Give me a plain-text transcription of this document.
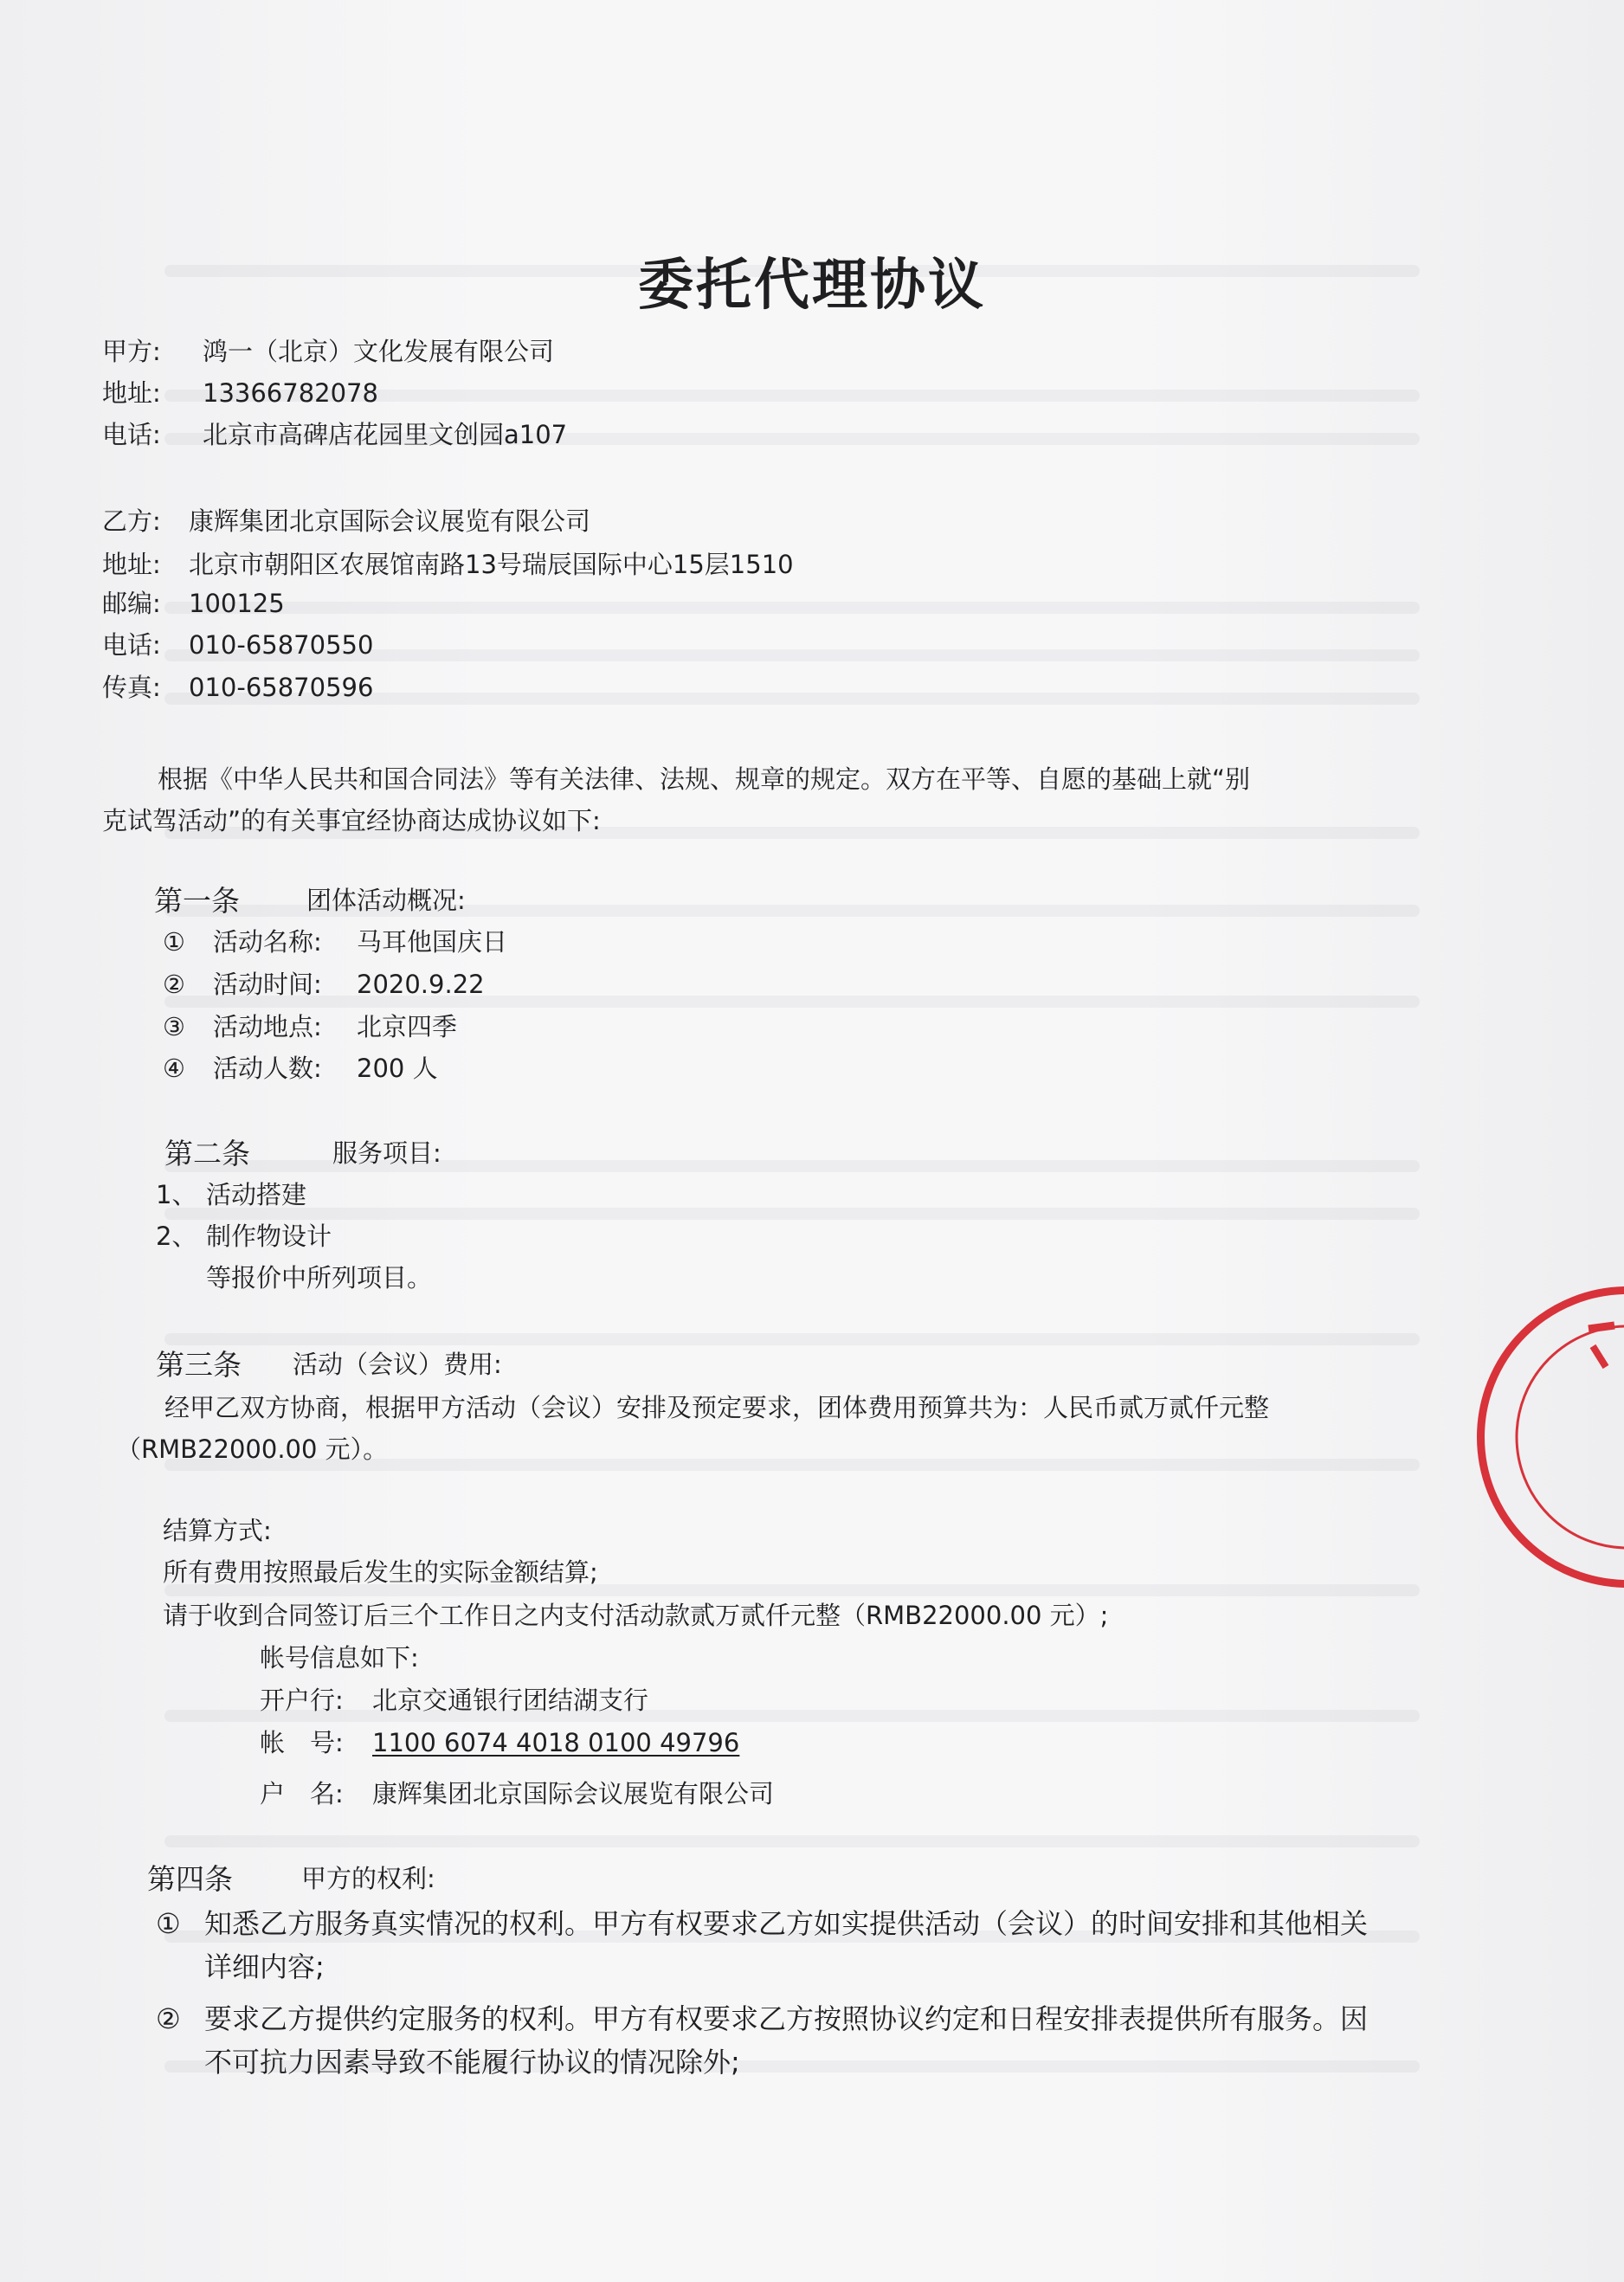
委托代理协议
甲方: 鸿一（北京）文化发展有限公司
地址: 13366782078
电话: 北京市高碑店花园里文创园a107
乙方: 康辉集团北京国际会议展览有限公司
地址: 北京市朝阳区农展馆南路13号瑞辰国际中心15层1510
邮编: 100125
电话: 010-65870550
传真: 010-65870596
根据《中华人民共和国合同法》等有关法律、法规、规章的规定。双方在平等、自愿的基础上就“别
克试驾活动”的有关事宜经协商达成协议如下:
第一条	团体活动概况:
① 活动名称: 马耳他国庆日
② 活动时间: 2020.9.22
③ 活动地点: 北京四季
④ 活动人数: 200 人
第二条	服务项目:
1、 活动搭建
2、 制作物设计
等报价中所列项目。
第三条 活动（会议）费用:
经甲乙双方协商，根据甲方活动（会议）安排及预定要求，团体费用预算共为：人民币贰万贰仟元整
（RMB22000.00 元）。
结算方式:
所有费用按照最后发生的实际金额结算;
请于收到合同签订后三个工作日之内支付活动款贰万贰仟元整（RMB22000.00 元）;
帐号信息如下:
开户行: 北京交通银行团结湖支行
帐　号: 1100 6074 4018 0100 49796
户　名: 康辉集团北京国际会议展览有限公司
第四条	甲方的权利:
① 知悉乙方服务真实情况的权利。甲方有权要求乙方如实提供活动（会议）的时间安排和其他相关
详细内容;
② 要求乙方提供约定服务的权利。甲方有权要求乙方按照协议约定和日程安排表提供所有服务。因
不可抗力因素导致不能履行协议的情况除外;
